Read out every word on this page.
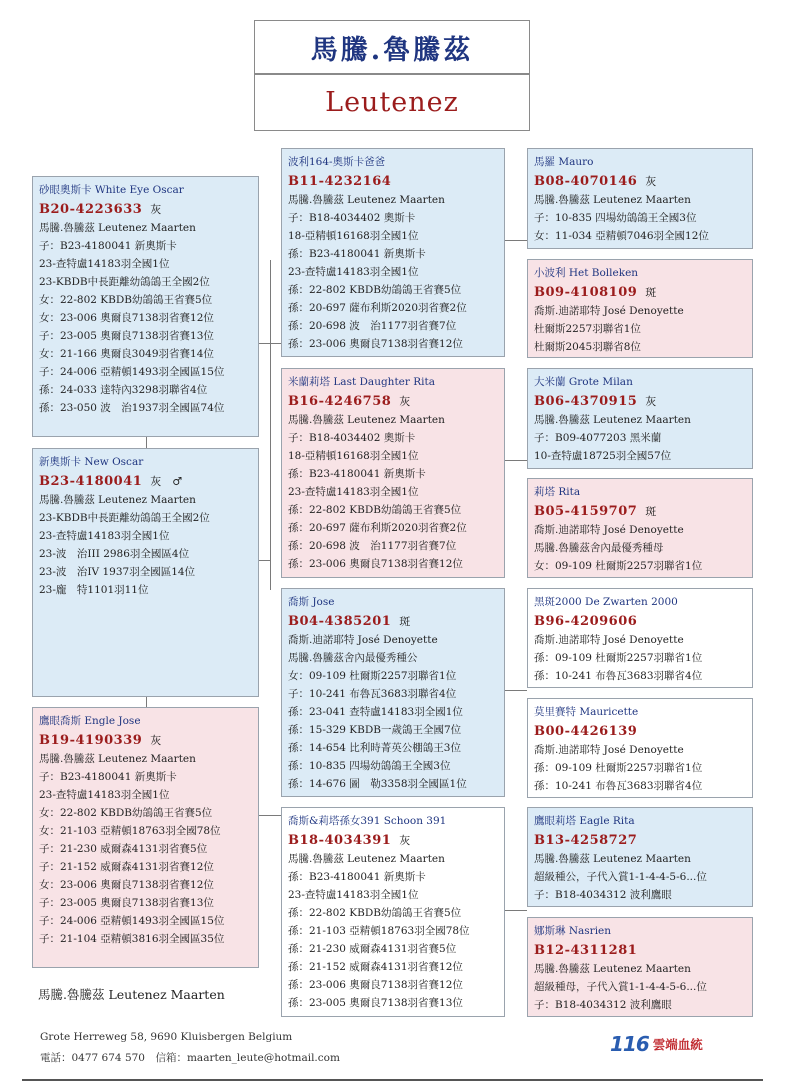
馬騰.魯騰茲
Leutenez
砂眼奧斯卡 White Eye Oscar
B20-4223633 灰
馬騰.魯騰茲 Leutenez Maarten
子：B23-4180041 新奧斯卡
23-查特盧14183羽全國1位
23-KBDB中長距離幼鴿鴿王全國2位
女：22-802 KBDB幼鴿鴿王省賽5位
女：23-006 奧爾良7138羽省賽12位
子：23-005 奧爾良7138羽省賽13位
女：21-166 奧爾良3049羽省賽14位
子：24-006 亞精頓1493羽全國區15位
孫：24-033 達特內3298羽聯省4位
孫：23-050 波　治1937羽全國區74位
新奧斯卡 New Oscar
B23-4180041 灰　♂
馬騰.魯騰茲 Leutenez Maarten
23-KBDB中長距離幼鴿鴿王全國2位
23-查特盧14183羽全國1位
23-波　治III 2986羽全國區4位
23-波　治IV 1937羽全國區14位
23-龐　特1101羽11位
鷹眼喬斯 Engle Jose
B19-4190339 灰
馬騰.魯騰茲 Leutenez Maarten
子：B23-4180041 新奧斯卡
23-查特盧14183羽全國1位
女：22-802 KBDB幼鴿鴿王省賽5位
女：21-103 亞精頓18763羽全國78位
子：21-230 威爾森4131羽省賽5位
子：21-152 威爾森4131羽省賽12位
女：23-006 奧爾良7138羽省賽12位
子：23-005 奧爾良7138羽省賽13位
子：24-006 亞精頓1493羽全國區15位
子：21-104 亞精頓3816羽全國區35位
波利164-奧斯卡爸爸
B11-4232164
馬騰.魯騰茲 Leutenez Maarten
子：B18-4034402 奧斯卡
18-亞精頓16168羽全國1位
孫：B23-4180041 新奧斯卡
23-查特盧14183羽全國1位
孫：22-802 KBDB幼鴿鴿王省賽5位
孫：20-697 薩布利斯2020羽省賽2位
孫：20-698 波　治1177羽省賽7位
孫：23-006 奧爾良7138羽省賽12位
米蘭莉塔 Last Daughter Rita
B16-4246758 灰
馬騰.魯騰茲 Leutenez Maarten
子：B18-4034402 奧斯卡
18-亞精頓16168羽全國1位
孫：B23-4180041 新奧斯卡
23-查特盧14183羽全國1位
孫：22-802 KBDB幼鴿鴿王省賽5位
孫：20-697 薩布利斯2020羽省賽2位
孫：20-698 波　治1177羽省賽7位
孫：23-006 奧爾良7138羽省賽12位
喬斯 Jose
B04-4385201 斑
喬斯.迪諾耶特 José Denoyette
馬騰.魯騰茲舍內最優秀種公
女：09-109 杜爾斯2257羽聯省1位
子：10-241 布魯瓦3683羽聯省4位
孫：23-041 查特盧14183羽全國1位
孫：15-329 KBDB一歲鴿王全國7位
孫：14-654 比利時菁英公棚鴿王3位
孫：10-835 四場幼鴿鴿王全國3位
孫：14-676 圖　勒3358羽全國區1位
喬斯&莉塔孫女391 Schoon 391
B18-4034391 灰
馬騰.魯騰茲 Leutenez Maarten
孫：B23-4180041 新奧斯卡
23-查特盧14183羽全國1位
孫：22-802 KBDB幼鴿鴿王省賽5位
孫：21-103 亞精頓18763羽全國78位
孫：21-230 威爾森4131羽省賽5位
孫：21-152 威爾森4131羽省賽12位
孫：23-006 奧爾良7138羽省賽12位
孫：23-005 奧爾良7138羽省賽13位
馬羅 Mauro
B08-4070146 灰
馬騰.魯騰茲 Leutenez Maarten
子：10-835 四場幼鴿鴿王全國3位
女：11-034 亞精頓7046羽全國12位
小波利 Het Bolleken
B09-4108109 斑
喬斯.迪諾耶特 José Denoyette
杜爾斯2257羽聯省1位
杜爾斯2045羽聯省8位
大米蘭 Grote Milan
B06-4370915 灰
馬騰.魯騰茲 Leutenez Maarten
子：B09-4077203 黑米蘭
10-查特盧18725羽全國57位
莉塔 Rita
B05-4159707 斑
喬斯.迪諾耶特 José Denoyette
馬騰.魯騰茲舍內最優秀種母
女：09-109 杜爾斯2257羽聯省1位
黑斑2000 De Zwarten 2000
B96-4209606
喬斯.迪諾耶特 José Denoyette
孫：09-109 杜爾斯2257羽聯省1位
孫：10-241 布魯瓦3683羽聯省4位
莫里賽特 Mauricette
B00-4426139
喬斯.迪諾耶特 José Denoyette
孫：09-109 杜爾斯2257羽聯省1位
孫：10-241 布魯瓦3683羽聯省4位
鷹眼莉塔 Eagle Rita
B13-4258727
馬騰.魯騰茲 Leutenez Maarten
超級種公，子代入賞1-1-4-4-5-6...位
子：B18-4034312 波利鷹眼
娜斯琳 Nasrien
B12-4311281
馬騰.魯騰茲 Leutenez Maarten
超級種母，子代入賞1-1-4-4-5-6...位
子：B18-4034312 波利鷹眼
馬騰.魯騰茲 Leutenez Maarten
Grote Herreweg 58, 9690 Kluisbergen Belgium
電話：0477 674 570　信箱：maarten_leute@hotmail.com
116 雲端血統
